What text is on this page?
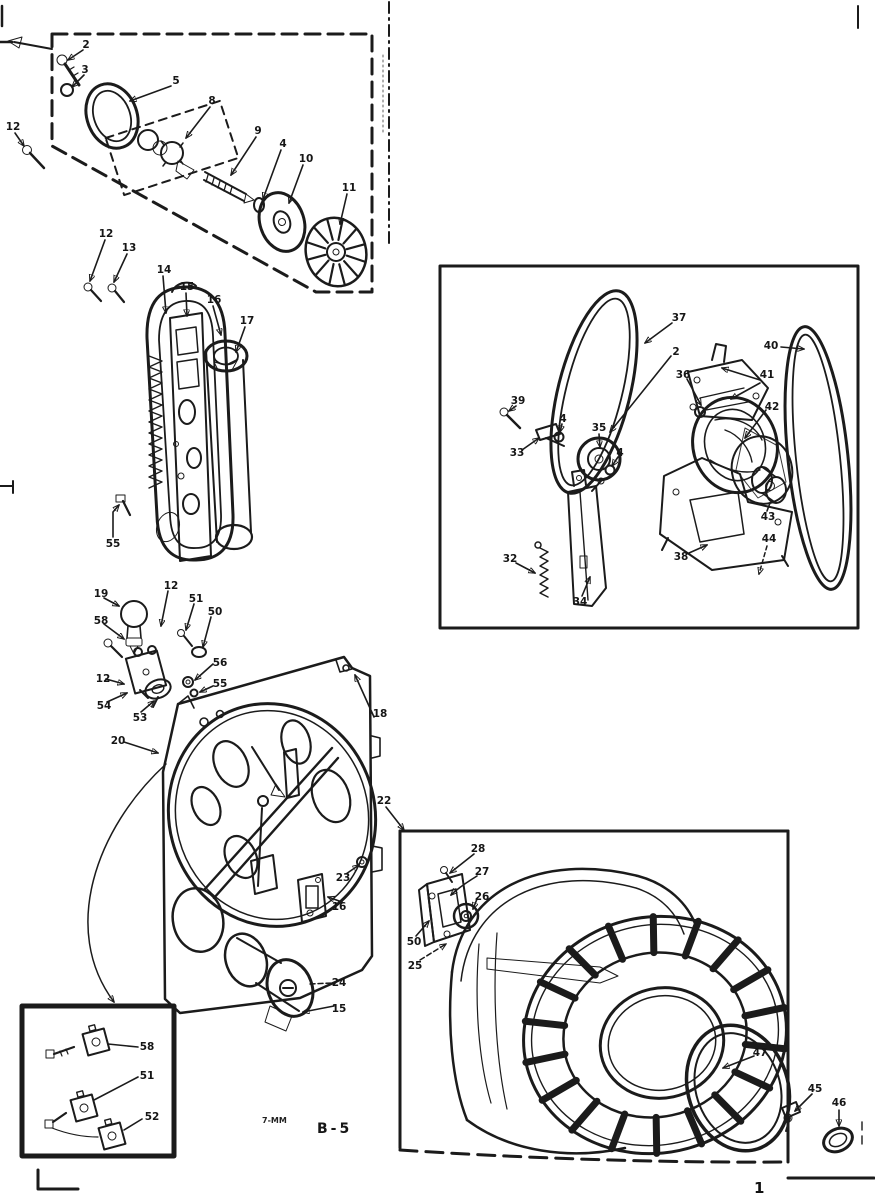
2
3
5
8
9
4
10
11
12
12
13
14
15
16
17
55
37
2
36
40
41
42
39
33
4
35
4
32
34
38
43
44
19
58
12
51
50
56
55
54
53
12
20
18
22
23
16
24
15
28
27
26
50
25
47
45
46
58
51
52	7-MM
B-5
1
